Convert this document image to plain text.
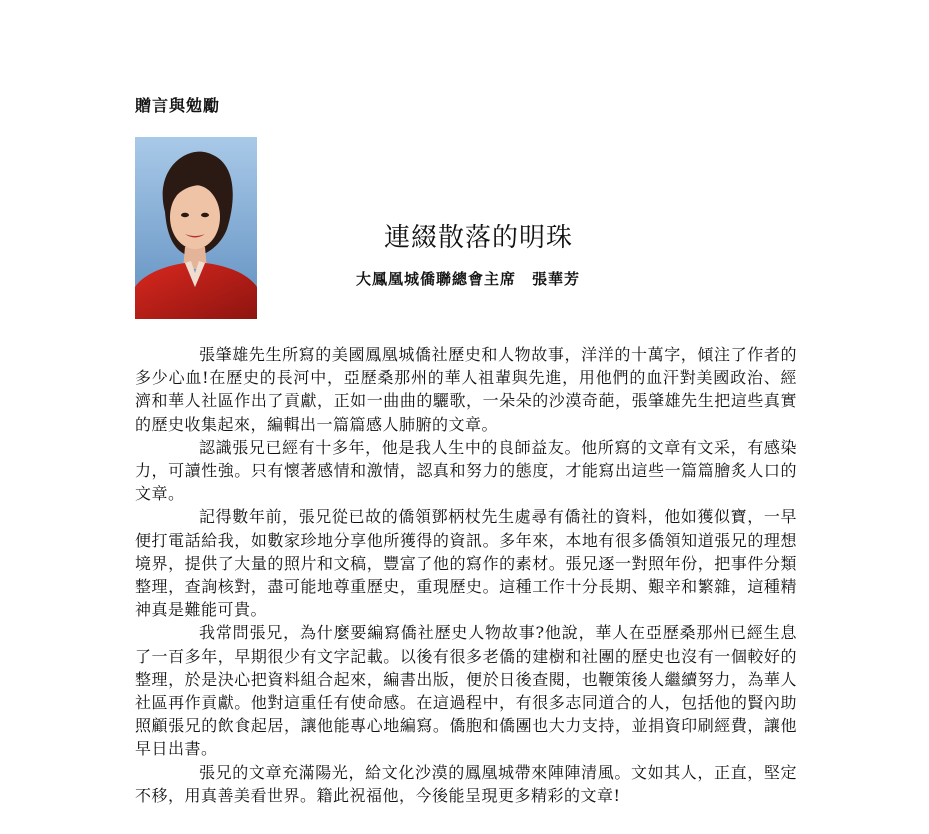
贈言與勉勵
連綴散落的明珠
大鳳凰城僑聯總會主席　張華芳

張肇雄先生所寫的美國鳳凰城僑社歷史和人物故事，洋洋的十萬字，傾注了作者的多少心血!在歷史的長河中，亞歷桑那州的華人祖輩與先進，用他們的血汗對美國政治、經濟和華人社區作出了貢獻，正如一曲曲的驪歌，一朵朵的沙漠奇葩，張肇雄先生把這些真實的歷史收集起來，編輯出一篇篇感人肺腑的文章。

認識張兄已經有十多年，他是我人生中的良師益友。他所寫的文章有文采，有感染力，可讀性強。只有懷著感情和激情，認真和努力的態度，才能寫出這些一篇篇膾炙人口的文章。

記得數年前，張兄從已故的僑領鄧柄杖先生處尋有僑社的資料，他如獲似寶，一早便打電話給我，如數家珍地分享他所獲得的資訊。多年來，本地有很多僑領知道張兄的理想境界，提供了大量的照片和文稿，豐富了他的寫作的素材。張兄逐一對照年份，把事件分類整理，查詢核對，盡可能地尊重歷史，重現歷史。這種工作十分長期、艱辛和繁雜，這種精神真是難能可貴。

我常問張兄，為什麼要編寫僑社歷史人物故事?他說，華人在亞歷桑那州已經生息了一百多年，早期很少有文字記載。以後有很多老僑的建樹和社團的歷史也沒有一個較好的整理，於是決心把資料組合起來，編書出版，便於日後查閱，也鞭策後人繼續努力，為華人社區再作貢獻。他對這重任有使命感。在這過程中，有很多志同道合的人，包括他的賢內助照顧張兄的飲食起居，讓他能專心地編寫。僑胞和僑團也大力支持，並捐資印刷經費，讓他早日出書。

張兄的文章充滿陽光，給文化沙漠的鳳凰城帶來陣陣清風。文如其人，正直，堅定不移，用真善美看世界。籍此祝福他，今後能呈現更多精彩的文章!
